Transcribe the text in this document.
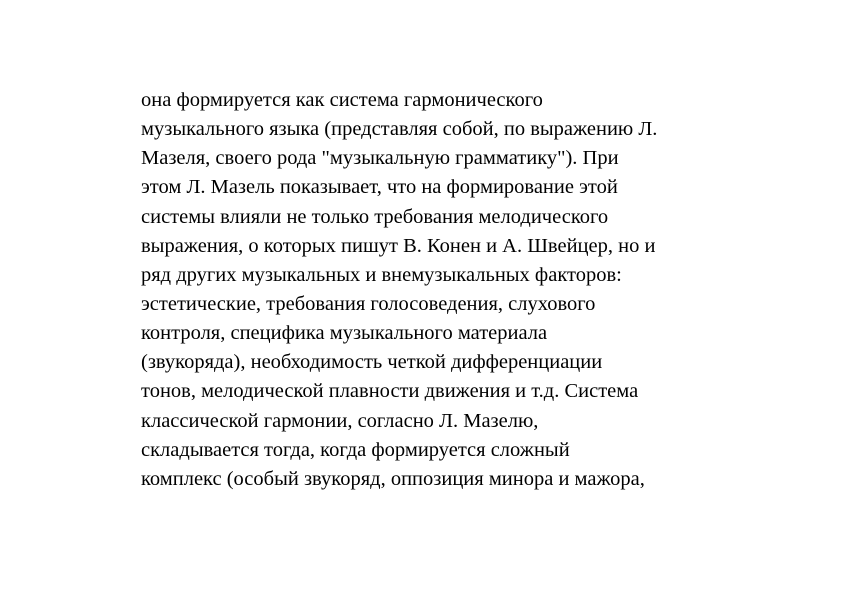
она формируется как система гармонического
музыкального языка (представляя собой, по выражению Л.
Мазеля, своего рода "музыкальную грамматику"). При
этом Л. Мазель показывает, что на формирование этой
системы влияли не только требования мелодического
выражения, о которых пишут В. Конен и А. Швейцер, но и
ряд других музыкальных и внемузыкальных факторов:
эстетические, требования голосоведения, слухового
контроля, специфика музыкального материала
(звукоряда), необходимость четкой дифференциации
тонов, мелодической плавности движения и т.д. Система
классической гармонии, согласно Л. Мазелю,
складывается тогда, когда формируется сложный
комплекс (особый звукоряд, оппозиция минора и мажора,
